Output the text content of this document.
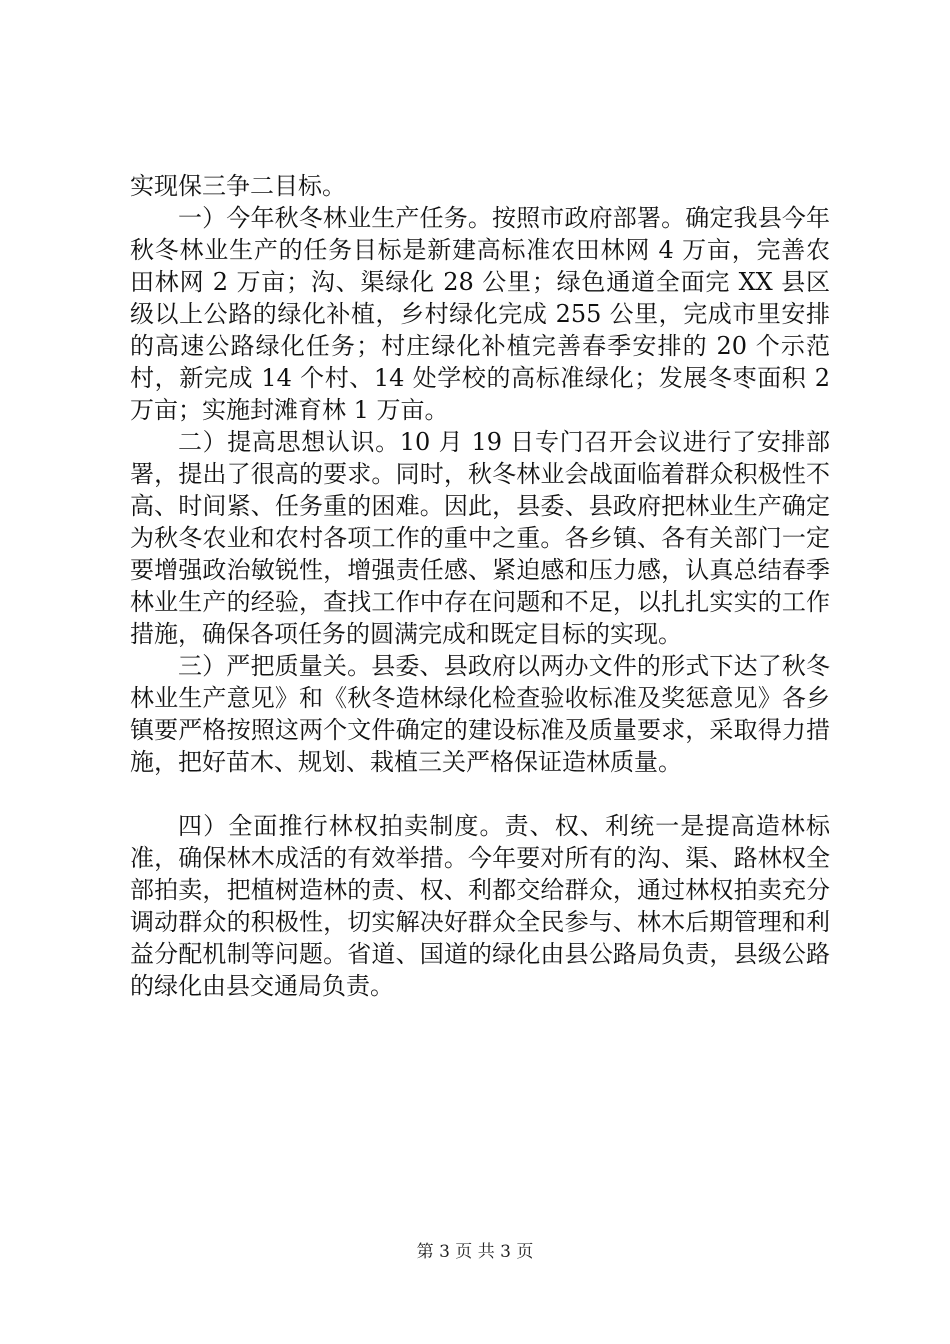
实现保三争二目标。

一）今年秋冬林业生产任务。按照市政府部署。确定我县今年秋冬林业生产的任务目标是新建高标准农田林网 4 万亩，完善农田林网 2 万亩；沟、渠绿化 28 公里；绿色通道全面完 XX 县区级以上公路的绿化补植，乡村绿化完成 255 公里，完成市里安排的高速公路绿化任务；村庄绿化补植完善春季安排的 20 个示范村，新完成 14 个村、14 处学校的高标准绿化；发展冬枣面积 2 万亩；实施封滩育林 1 万亩。

二）提高思想认识。10 月 19 日专门召开会议进行了安排部署，提出了很高的要求。同时，秋冬林业会战面临着群众积极性不高、时间紧、任务重的困难。因此，县委、县政府把林业生产确定为秋冬农业和农村各项工作的重中之重。各乡镇、各有关部门一定要增强政治敏锐性，增强责任感、紧迫感和压力感，认真总结春季林业生产的经验，查找工作中存在问题和不足，以扎扎实实的工作措施，确保各项任务的圆满完成和既定目标的实现。

三）严把质量关。县委、县政府以两办文件的形式下达了秋冬林业生产意见》和《秋冬造林绿化检查验收标准及奖惩意见》各乡镇要严格按照这两个文件确定的建设标准及质量要求，采取得力措施，把好苗木、规划、栽植三关严格保证造林质量。

四）全面推行林权拍卖制度。责、权、利统一是提高造林标准，确保林木成活的有效举措。今年要对所有的沟、渠、路林权全部拍卖，把植树造林的责、权、利都交给群众，通过林权拍卖充分调动群众的积极性，切实解决好群众全民参与、林木后期管理和利益分配机制等问题。省道、国道的绿化由县公路局负责，县级公路的绿化由县交通局负责。

第 3 页 共 3 页
